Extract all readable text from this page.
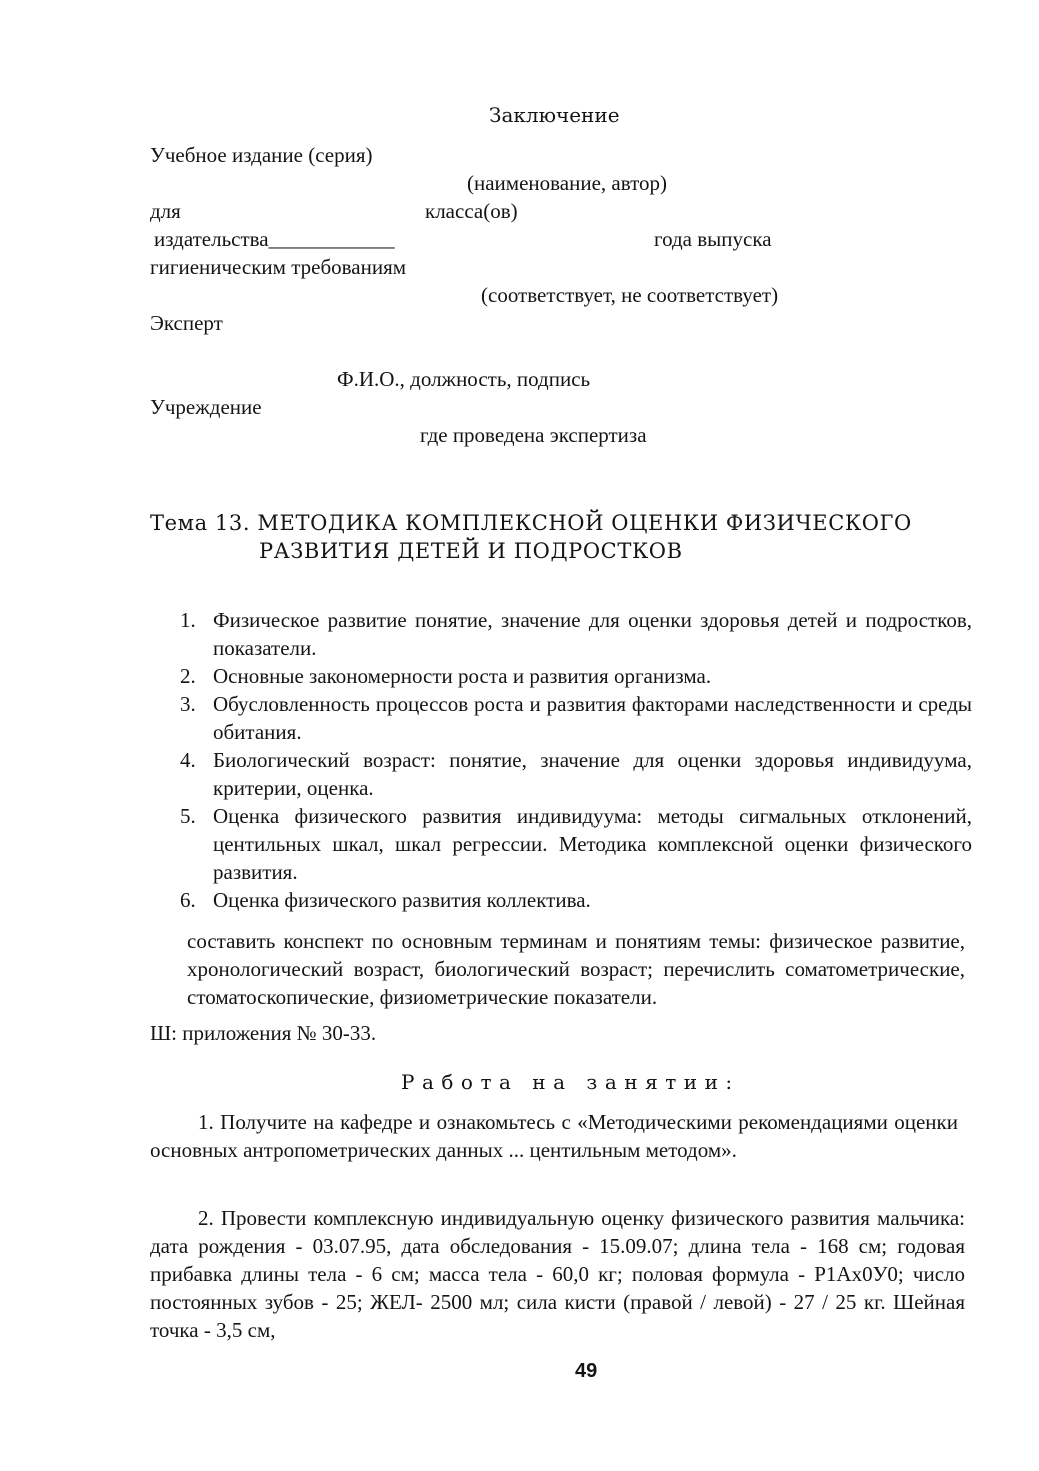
Заключение
Учебное издание (серия)
(наименование, автор)
для	класса(ов)
издательства____________	года выпуска
гигиеническим требованиям
(соответствует, не соответствует)
Эксперт
Ф.И.О., должность, подпись
Учреждение
где проведена экспертиза
Тема 13. МЕТОДИКА КОМПЛЕКСНОЙ ОЦЕНКИ ФИЗИЧЕСКОГО
РАЗВИТИЯ ДЕТЕЙ И ПОДРОСТКОВ
1. Физическое развитие понятие, значение для оценки здоровья детей и подростков, показатели.
2. Основные закономерности роста и развития организма.
3. Обусловленность процессов роста и развития факторами наследственности и среды обитания.
4. Биологический возраст: понятие, значение для оценки здоровья индивидуума, критерии, оценка.
5. Оценка физического развития индивидуума: методы сигмальных отклонений, центильных шкал, шкал регрессии. Методика комплексной оценки физического развития.
6. Оценка физического развития коллектива.
составить конспект по основным терминам и понятиям темы: физическое развитие, хронологический возраст, биологический возраст; перечислить соматометрические, стоматоскопические, физиометрические показатели.
Ш: приложения № 30-33.
Работа на занятии:
1. Получите на кафедре и ознакомьтесь с «Методическими рекомендациями оценки основных антропометрических данных ... центильным методом».
2. Провести комплексную индивидуальную оценку физического развития мальчика: дата рождения - 03.07.95, дата обследования - 15.09.07; длина тела - 168 см; годовая прибавка длины тела - 6 см; масса тела - 60,0 кг; половая формула - Р1Ах0У0; число постоянных зубов - 25; ЖЕЛ- 2500 мл; сила кисти (правой / левой) - 27 / 25 кг. Шейная точка - 3,5 см,
49
